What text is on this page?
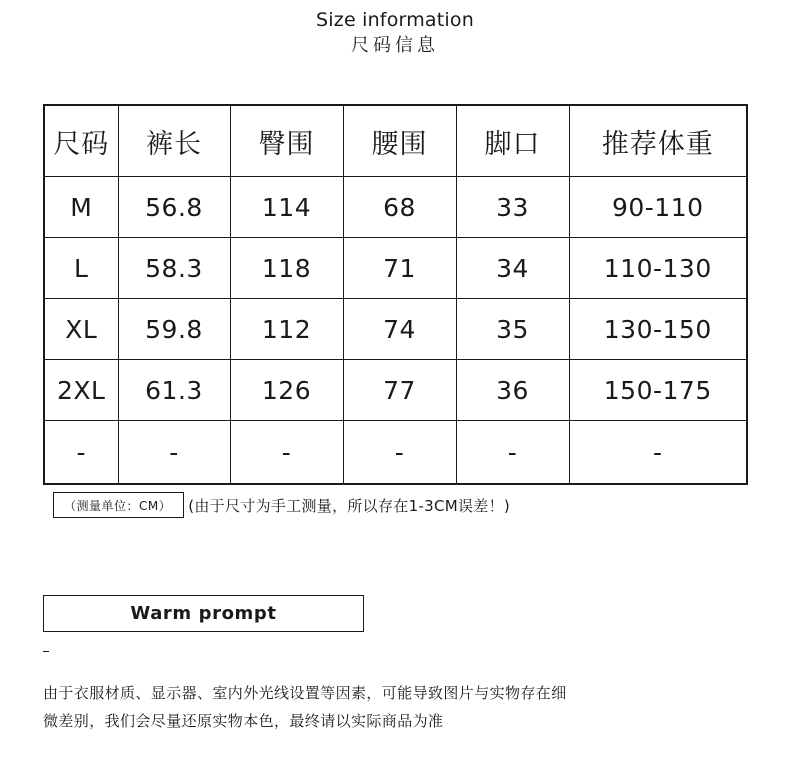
Size information
尺码信息
尺码	裤长	臀围	腰围	脚口	推荐体重
M	56.8	114	68	33	90-110
L	58.3	118	71	34	110-130
XL	59.8	112	74	35	130-150
2XL	61.3	126	77	36	150-175
-	-	-	-	-	-
（测量单位：CM）	(由于尺寸为手工测量，所以存在1-3CM误差！)
Warm prompt
由于衣服材质、显示器、室内外光线设置等因素，可能导致图片与实物存在细
微差别，我们会尽量还原实物本色，最终请以实际商品为准
